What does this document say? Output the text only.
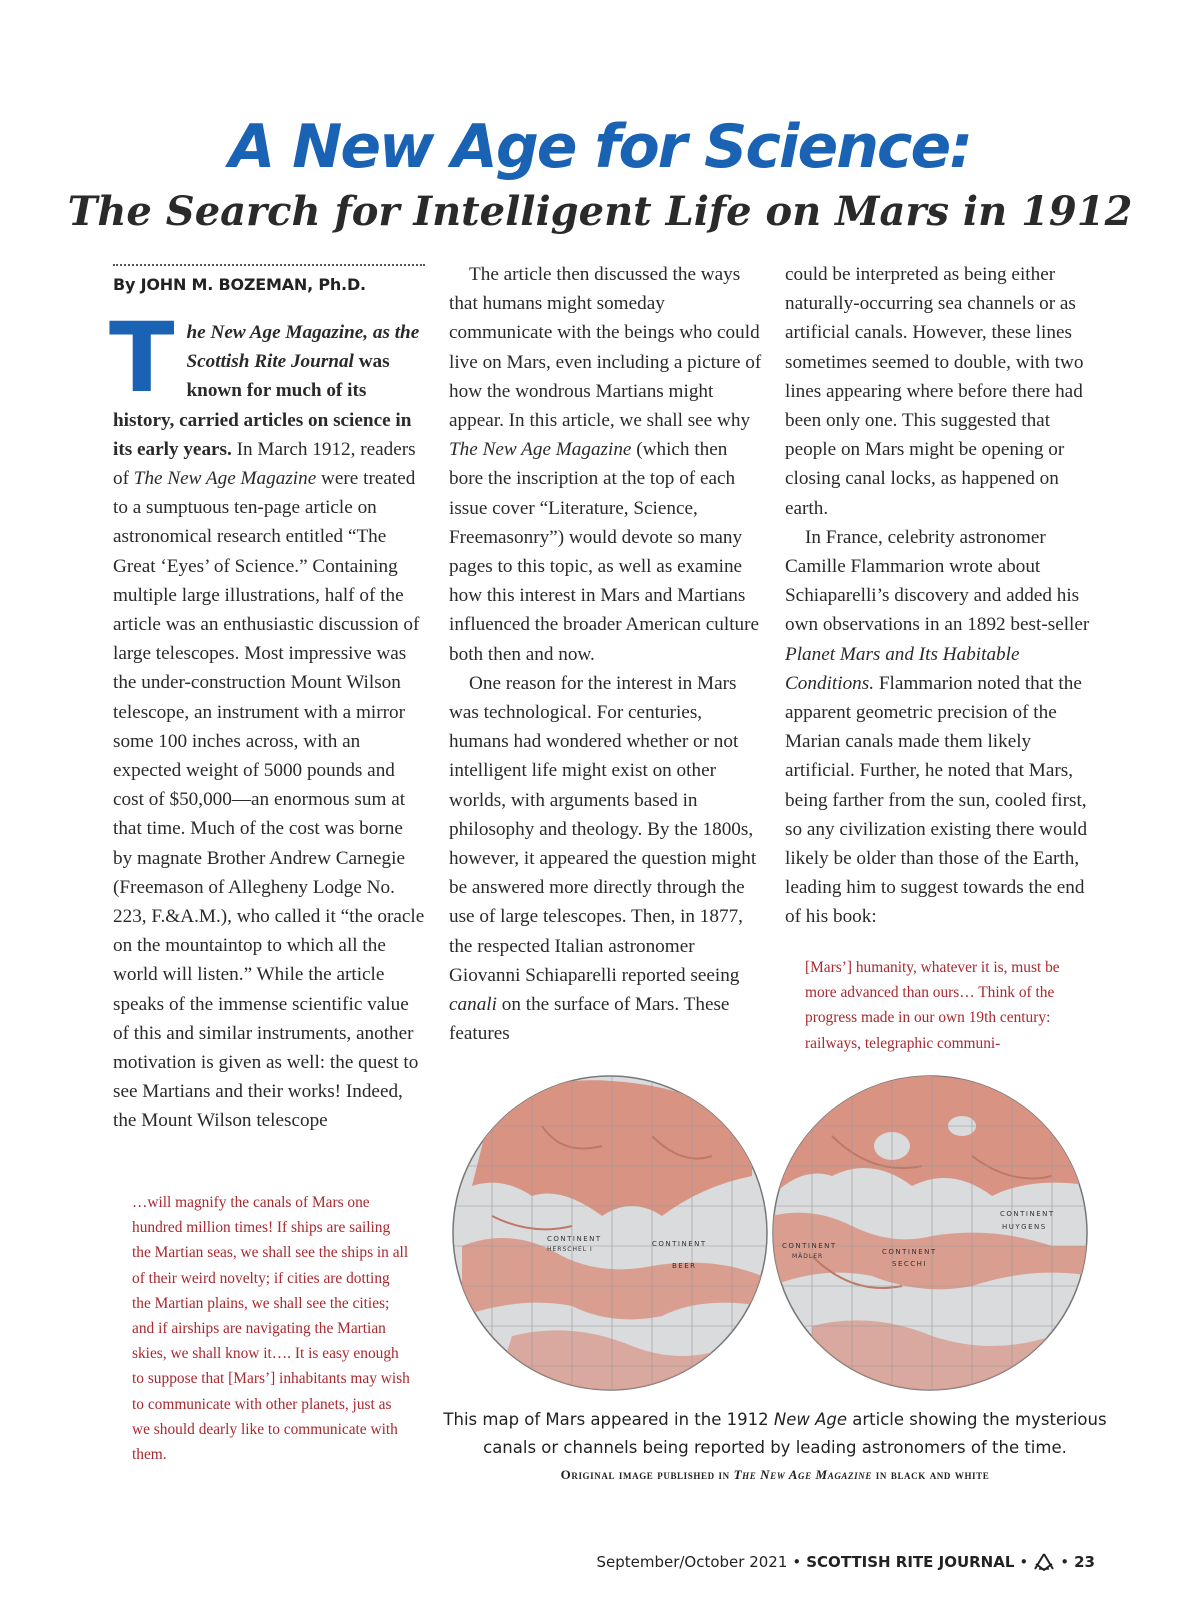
A New Age for Science:
The Search for Intelligent Life on Mars in 1912
By JOHN M. BOZEMAN, Ph.D.

The New Age Magazine, as the Scottish Rite Journal was known for much of its history, carried articles on science in its early years. In March 1912, readers of The New Age Magazine were treated to a sumptuous ten-page article on astronomical research entitled “The Great ‘Eyes’ of Science.” Containing multiple large illustrations, half of the article was an enthusiastic discussion of large telescopes. Most impressive was the under-construction Mount Wilson telescope, an instrument with a mirror some 100 inches across, with an expected weight of 5000 pounds and cost of $50,000—an enormous sum at that time. Much of the cost was borne by magnate Brother Andrew Carnegie (Freemason of Allegheny Lodge No. 223, F.&A.M.), who called it “the oracle on the mountaintop to which all the world will listen.” While the article speaks of the immense scientific value of this and similar instruments, another motivation is given as well: the quest to see Martians and their works! Indeed, the Mount Wilson telescope

…will magnify the canals of Mars one hundred million times! If ships are sailing the Martian seas, we shall see the ships in all of their weird novelty; if cities are dotting the Martian plains, we shall see the cities; and if airships are navigating the Martian skies, we shall know it…. It is easy enough to suppose that [Mars’] inhabitants may wish to communicate with other planets, just as we should dearly like to communicate with them.

The article then discussed the ways that humans might someday communicate with the beings who could live on Mars, even including a picture of how the wondrous Martians might appear. In this article, we shall see why The New Age Magazine (which then bore the inscription at the top of each issue cover “Literature, Science, Freemasonry”) would devote so many pages to this topic, as well as examine how this interest in Mars and Martians influenced the broader American culture both then and now.

One reason for the interest in Mars was technological. For centuries, humans had wondered whether or not intelligent life might exist on other worlds, with arguments based in philosophy and theology. By the 1800s, however, it appeared the question might be answered more directly through the use of large telescopes. Then, in 1877, the respected Italian astronomer Giovanni Schiaparelli reported seeing canali on the surface of Mars. These features

could be interpreted as being either naturally-occurring sea channels or as artificial canals. However, these lines sometimes seemed to double, with two lines appearing where before there had been only one. This suggested that people on Mars might be opening or closing canal locks, as happened on earth.

In France, celebrity astronomer Camille Flammarion wrote about Schiaparelli’s discovery and added his own observations in an 1892 best-seller Planet Mars and Its Habitable Conditions. Flammarion noted that the apparent geometric precision of the Marian canals made them likely artificial. Further, he noted that Mars, being farther from the sun, cooled first, so any civilization existing there would likely be older than those of the Earth, leading him to suggest towards the end of his book:

[Mars’] humanity, whatever it is, must be more advanced than ours… Think of the progress made in our own 19th century: railways, telegraphic communi-
CONTINENT
HERSCHEL I
CONTINENT
BEER
CONTINENT
MÄDLER
CONTINENT
SECCHI
CONTINENT
HUYGENS
This map of Mars appeared in the 1912 New Age article showing the mysterious canals or channels being reported by leading astronomers of the time.
Original image published in The New Age Magazine in black and white
September/October 2021 • SCOTTISH RITE JOURNAL • • 23
